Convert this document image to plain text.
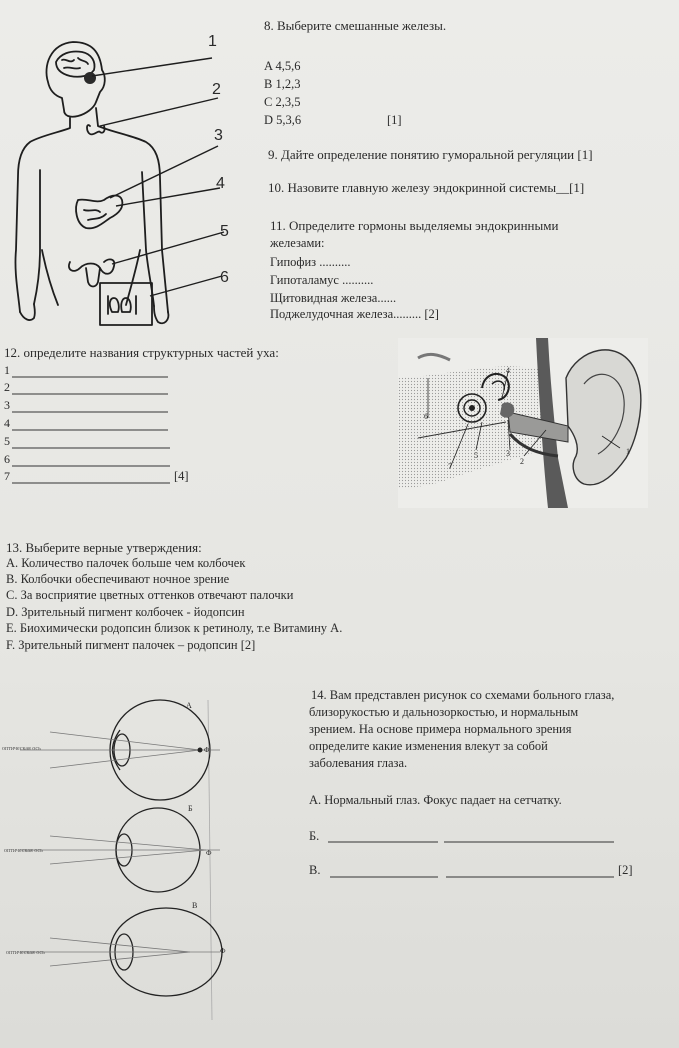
1
2
3
4
5
6
8. Выберите смешанные железы.
A 4,5,6
B 1,2,3
C 2,3,5
D 5,3,6	[1]
9. Дайте определение понятию гуморальной регуляции [1]
10. Назовите главную железу эндокринной системы__[1]
11. Определите гормоны выделяемы эндокринными
железами:
Гипофиз ..........
Гипоталамус ..........
Щитовидная железа......
Поджелудочная железа......... [2]
12. определите названия структурных частей уха:
1
2
3
4
5
6
7	[4]
1
2
3
4
5
6
7
13. Выберите верные утверждения:
A. Количество палочек больше чем колбочек
B. Колбочки обеспечивают ночное зрение
C. За восприятие цветных оттенков отвечают палочки
D. Зрительный пигмент колбочек - йодопсин
E. Биохимически родопсин близок к ретинолу, т.е Витамину А.
F. Зрительный пигмент палочек – родопсин [2]
оптическая ось
оптическая ось
оптическая ось
A
Б
В
Ф
Ф
Ф
14. Вам представлен рисунок со схемами больного глаза,
близорукостью и дальнозоркостью, и нормальным
зрением. На основе примера нормального зрения
определите какие изменения влекут за собой
заболевания глаза.
A. Нормальный глаз. Фокус падает на сетчатку.
Б.
В.	[2]
